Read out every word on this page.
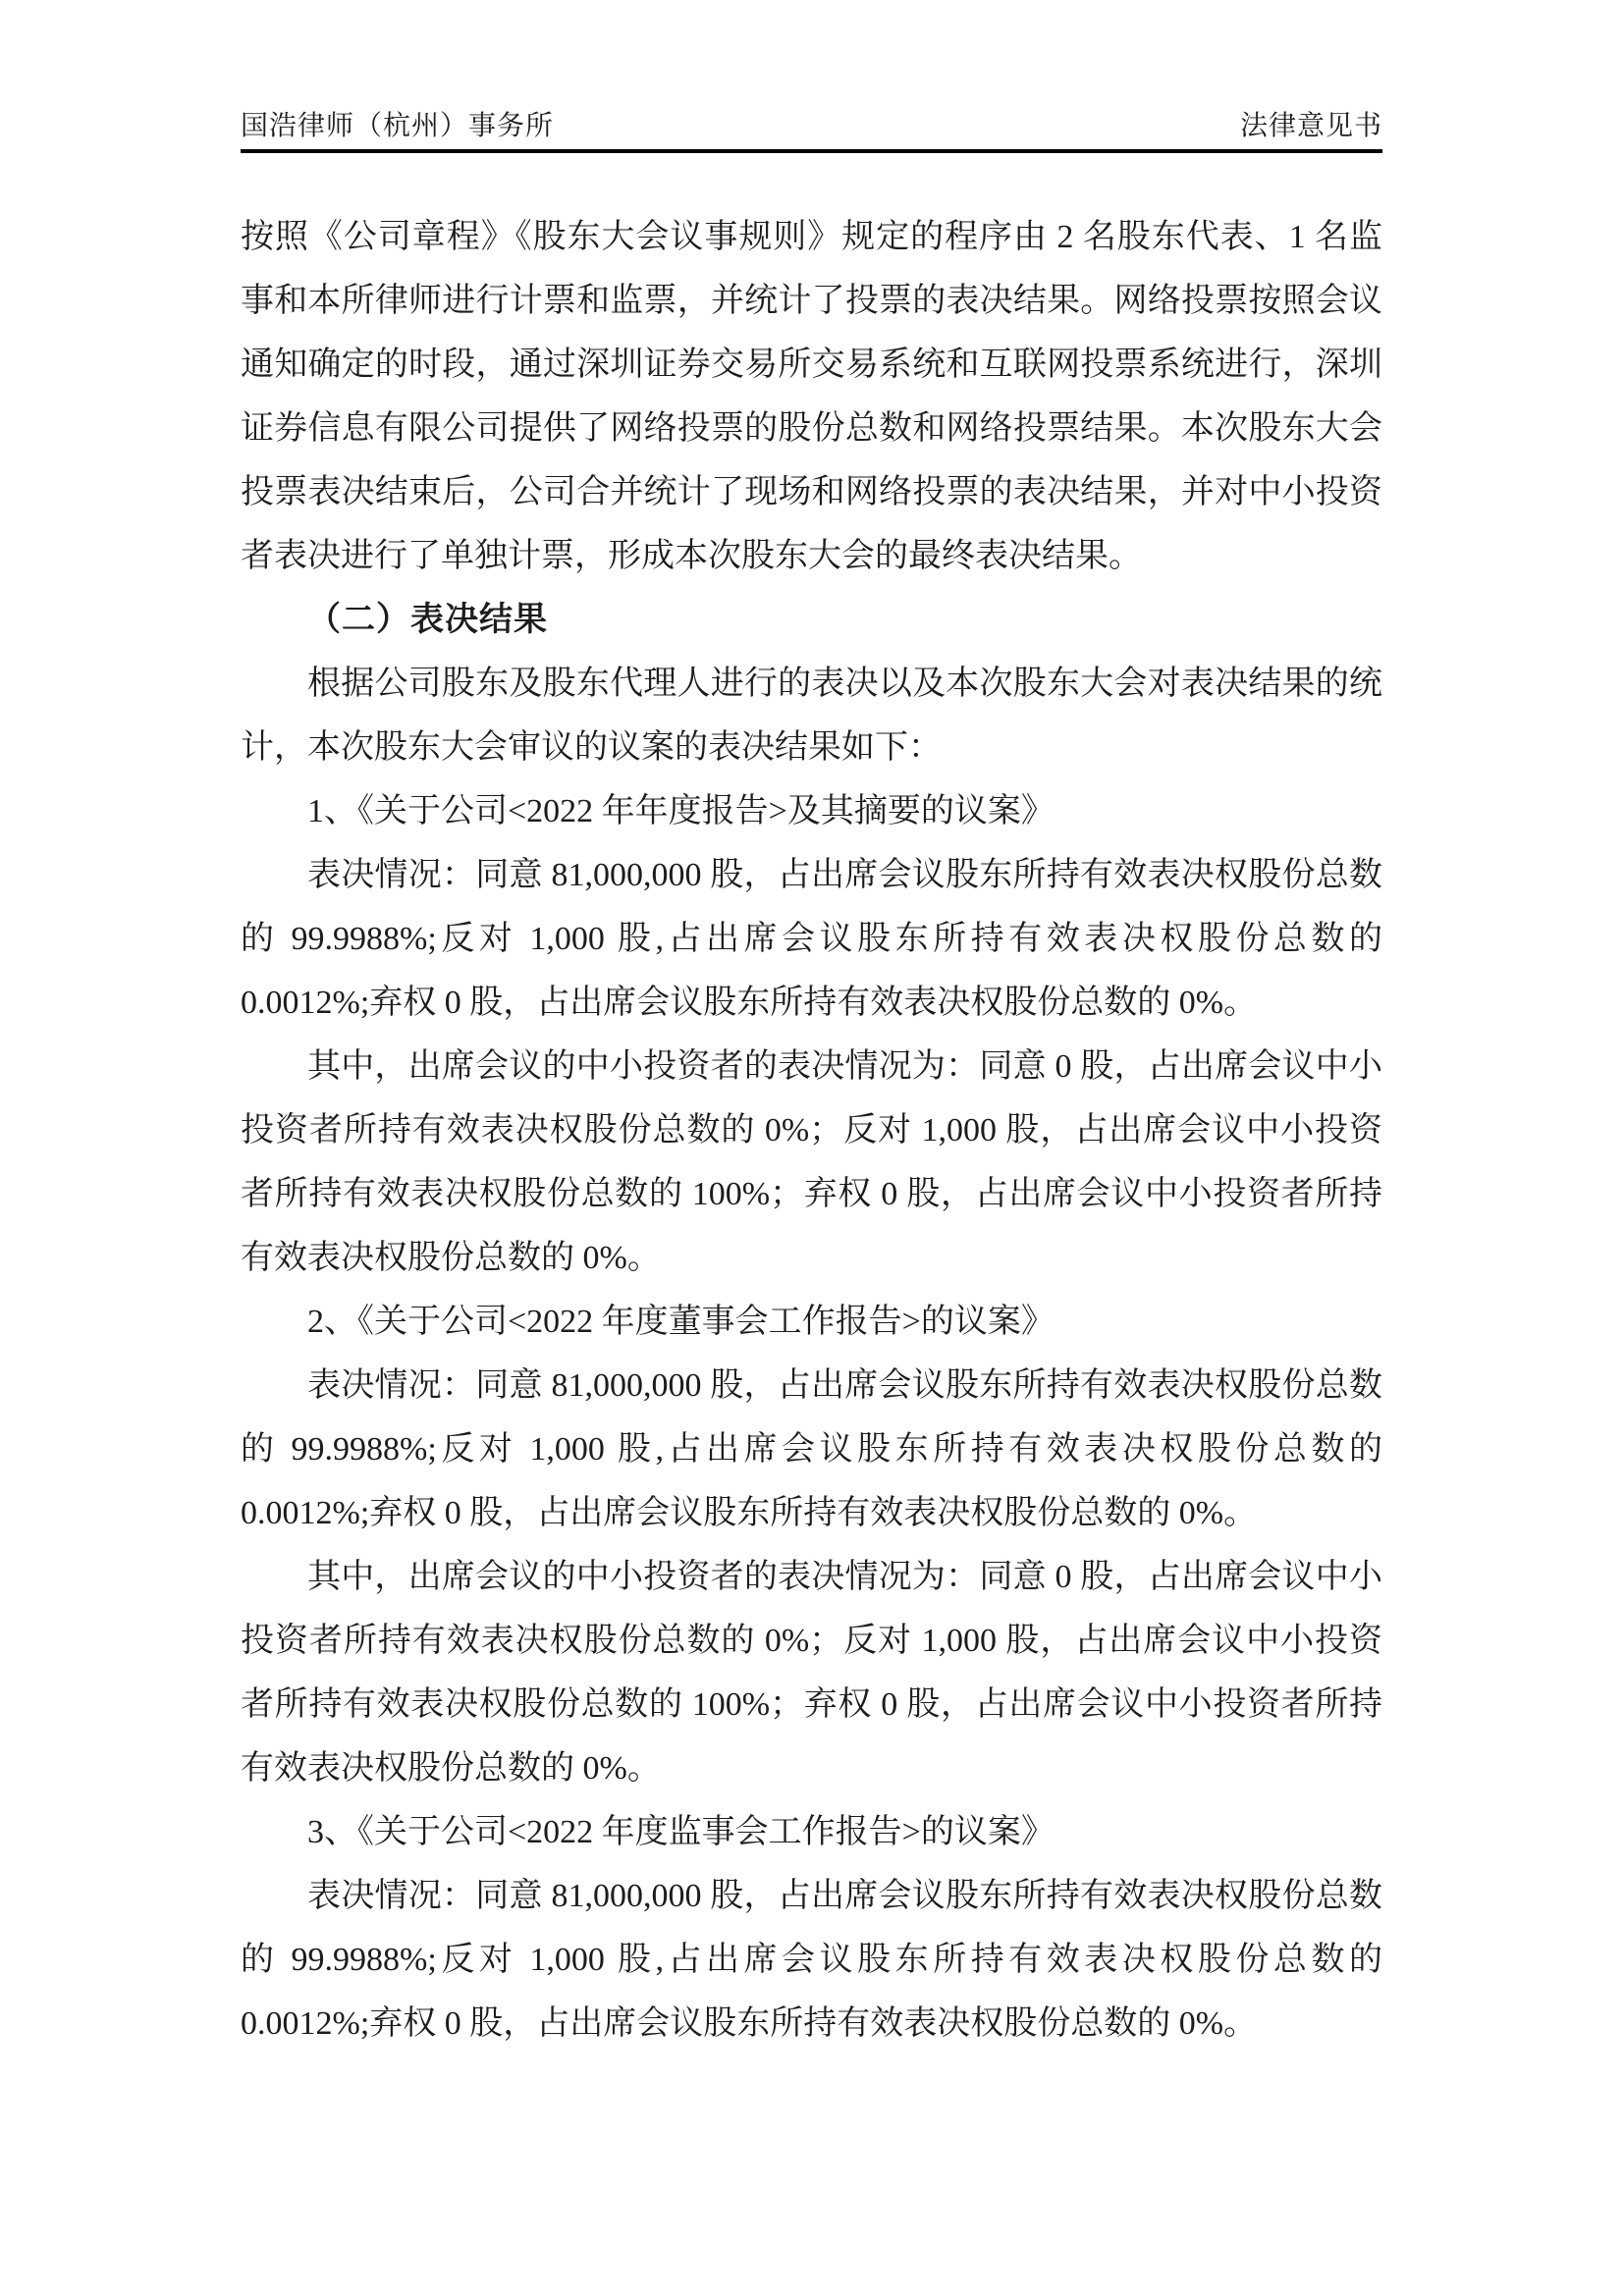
国浩律师（杭州）事务所	法律意见书

按照《公司章程》《股东大会议事规则》规定的程序由 2 名股东代表、1 名监事和本所律师进行计票和监票，并统计了投票的表决结果。网络投票按照会议通知确定的时段，通过深圳证券交易所交易系统和互联网投票系统进行，深圳证券信息有限公司提供了网络投票的股份总数和网络投票结果。本次股东大会投票表决结束后，公司合并统计了现场和网络投票的表决结果，并对中小投资者表决进行了单独计票，形成本次股东大会的最终表决结果。

（二）表决结果

根据公司股东及股东代理人进行的表决以及本次股东大会对表决结果的统计，本次股东大会审议的议案的表决结果如下：

1、《关于公司<2022 年年度报告>及其摘要的议案》

表决情况：同意 81,000,000 股，占出席会议股东所持有效表决权股份总数的 99.9988%;反对 1,000 股,占出席会议股东所持有效表决权股份总数的 0.0012%;弃权 0 股，占出席会议股东所持有效表决权股份总数的 0%。

其中，出席会议的中小投资者的表决情况为：同意 0 股，占出席会议中小投资者所持有效表决权股份总数的 0%；反对 1,000 股，占出席会议中小投资者所持有效表决权股份总数的 100%；弃权 0 股，占出席会议中小投资者所持有效表决权股份总数的 0%。

2、《关于公司<2022 年度董事会工作报告>的议案》

表决情况：同意 81,000,000 股，占出席会议股东所持有效表决权股份总数的 99.9988%;反对 1,000 股,占出席会议股东所持有效表决权股份总数的 0.0012%;弃权 0 股，占出席会议股东所持有效表决权股份总数的 0%。

其中，出席会议的中小投资者的表决情况为：同意 0 股，占出席会议中小投资者所持有效表决权股份总数的 0%；反对 1,000 股，占出席会议中小投资者所持有效表决权股份总数的 100%；弃权 0 股，占出席会议中小投资者所持有效表决权股份总数的 0%。

3、《关于公司<2022 年度监事会工作报告>的议案》

表决情况：同意 81,000,000 股，占出席会议股东所持有效表决权股份总数的 99.9988%;反对 1,000 股,占出席会议股东所持有效表决权股份总数的 0.0012%;弃权 0 股，占出席会议股东所持有效表决权股份总数的 0%。
